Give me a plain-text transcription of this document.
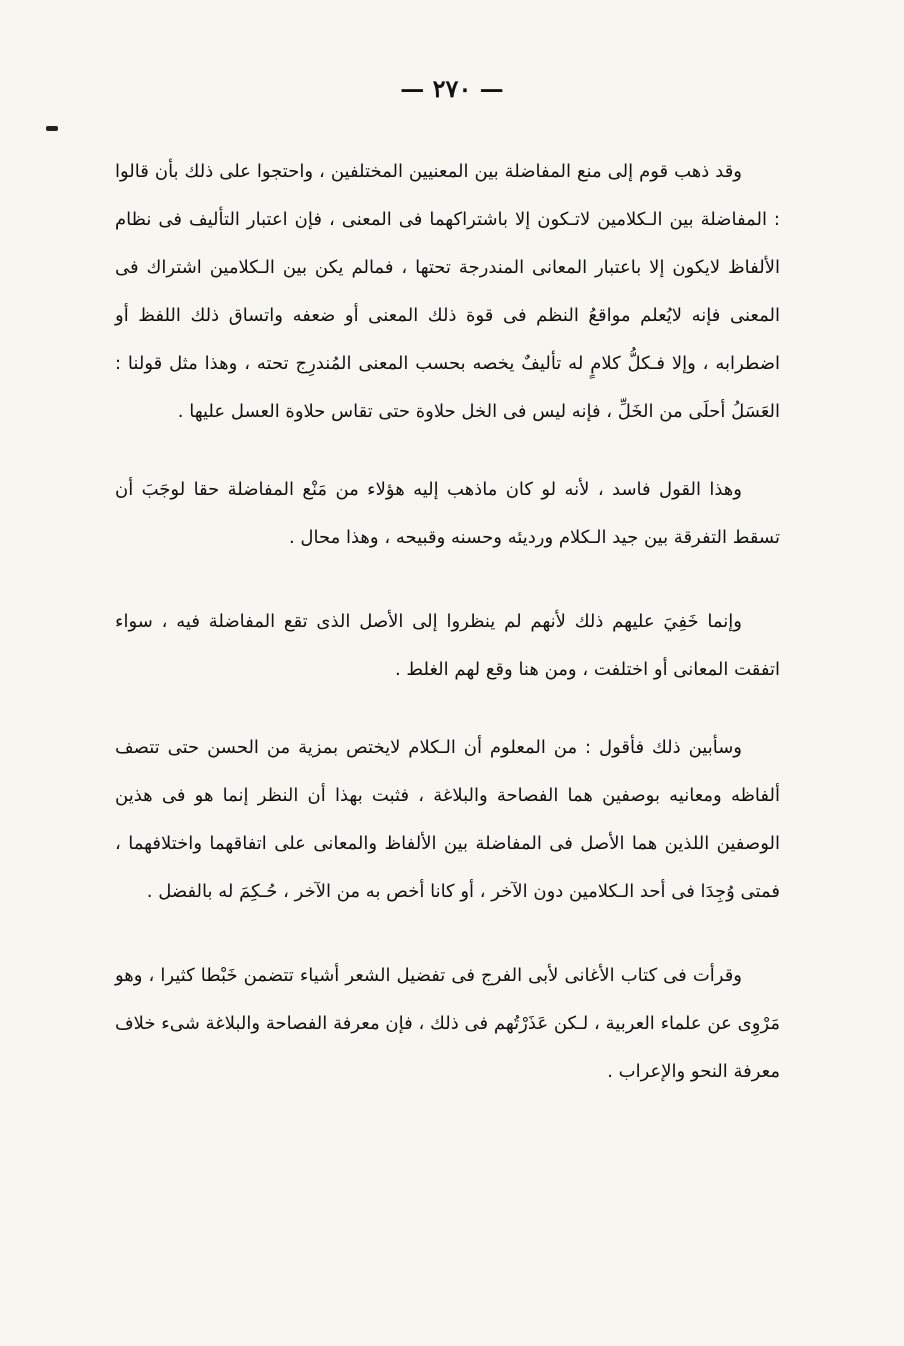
— ٢٧٠ —

وقد ذهب قوم إلى منع المفاضلة بين المعنيين المختلفين ، واحتجوا على ذلك بأن قالوا : المفاضلة بين الـكلامين لاتـكون إلا باشتراكهما فى المعنى ، فإن اعتبار التأليف فى نظام الألفاظ لايكون إلا باعتبار المعانى المندرجة تحتها ، فمالم يكن بين الـكلامين اشتراك فى المعنى فإنه لايُعلم مواقعُ النظم فى قوة ذلك المعنى أو ضعفه واتساق ذلك اللفظ أو اضطرابه ، وإلا فـكلُّ كلامٍ له تأليفٌ يخصه بحسب المعنى المُندرِج تحته ، وهذا مثل قولنا : العَسَلُ أحلَى من الخَلِّ ، فإنه ليس فى الخل حلاوة حتى تقاس حلاوة العسل عليها .

وهذا القول فاسد ، لأنه لو كان ماذهب إليه هؤلاء من مَنْع المفاضلة حقا لوجَبَ أن تسقط التفرقة بين جيد الـكلام ورديئه وحسنه وقبيحه ، وهذا محال .

وإنما خَفِيَ عليهم ذلك لأنهم لم ينظروا إلى الأصل الذى تقع المفاضلة فيه ، سواء اتفقت المعانى أو اختلفت ، ومن هنا وقع لهم الغلط .

وسأبين ذلك فأقول : من المعلوم أن الـكلام لايختص بمزية من الحسن حتى تتصف ألفاظه ومعانيه بوصفين هما الفصاحة والبلاغة ، فثبت بهذا أن النظر إنما هو فى هذين الوصفين اللذين هما الأصل فى المفاضلة بين الألفاظ والمعانى على اتفاقهما واختلافهما ، فمتى وُجِدَا فى أحد الـكلامين دون الآخر ، أو كانا أخص به من الآخر ، حُـكِمَ له بالفضل .

وقرأت فى كتاب الأغانى لأبى الفرج فى تفضيل الشعر أشياء تتضمن خَبْطا كثيرا ، وهو مَرْوِى عن علماء العربية ، لـكن عَذَرْتُهم فى ذلك ، فإن معرفة الفصاحة والبلاغة شىء خلاف معرفة النحو والإعراب .
